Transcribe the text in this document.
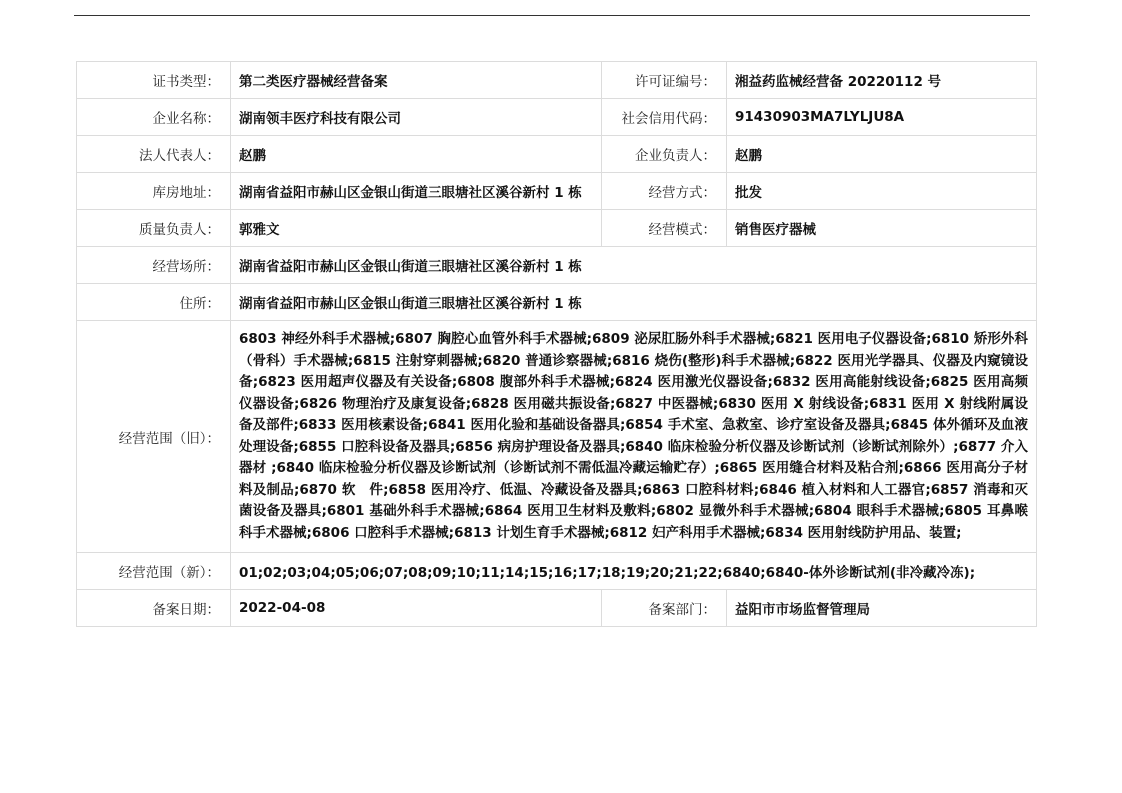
证书类型：	第二类医疗器械经营备案	许可证编号：	湘益药监械经营备 20220112 号
企业名称：	湖南领丰医疗科技有限公司	社会信用代码：	91430903MA7LYLJU8A
法人代表人：	赵鹏	企业负责人：	赵鹏
库房地址：	湖南省益阳市赫山区金银山街道三眼塘社区溪谷新村 1 栋	经营方式：	批发
质量负责人：	郭雅文	经营模式：	销售医疗器械
经营场所：	湖南省益阳市赫山区金银山街道三眼塘社区溪谷新村 1 栋		
住所：	湖南省益阳市赫山区金银山街道三眼塘社区溪谷新村 1 栋		
经营范围（旧）：	6803 神经外科手术器械;6807 胸腔心血管外科手术器械;6809 泌尿肛肠外科手术器械;6821 医用电子仪器设备;6810 矫形外科（骨科）手术器械;6815 注射穿刺器械;6820 普通诊察器械;6816 烧伤(整形)科手术器械;6822 医用光学器具、仪器及内窥镜设备;6823 医用超声仪器及有关设备;6808 腹部外科手术器械;6824 医用激光仪器设备;6832 医用高能射线设备;6825 医用高频仪器设备;6826 物理治疗及康复设备;6828 医用磁共振设备;6827 中医器械;6830 医用 X 射线设备;6831 医用 X 射线附属设备及部件;6833 医用核素设备;6841 医用化验和基础设备器具;6854 手术室、急救室、诊疗室设备及器具;6845 体外循环及血液处理设备;6855 口腔科设备及器具;6856 病房护理设备及器具;6840 临床检验分析仪器及诊断试剂（诊断试剂除外）;6877 介入器材 ;6840 临床检验分析仪器及诊断试剂（诊断试剂不需低温冷藏运输贮存）;6865 医用缝合材料及粘合剂;6866 医用高分子材料及制品;6870 软　件;6858 医用冷疗、低温、冷藏设备及器具;6863 口腔科材料;6846 植入材料和人工器官;6857 消毒和灭菌设备及器具;6801 基础外科手术器械;6864 医用卫生材料及敷料;6802 显微外科手术器械;6804 眼科手术器械;6805 耳鼻喉科手术器械;6806 口腔科手术器械;6813 计划生育手术器械;6812 妇产科用手术器械;6834 医用射线防护用品、装置;		
经营范围（新）：	01;02;03;04;05;06;07;08;09;10;11;14;15;16;17;18;19;20;21;22;6840;6840-体外诊断试剂(非冷藏冷冻);		
备案日期：	2022-04-08	备案部门：	益阳市市场监督管理局
